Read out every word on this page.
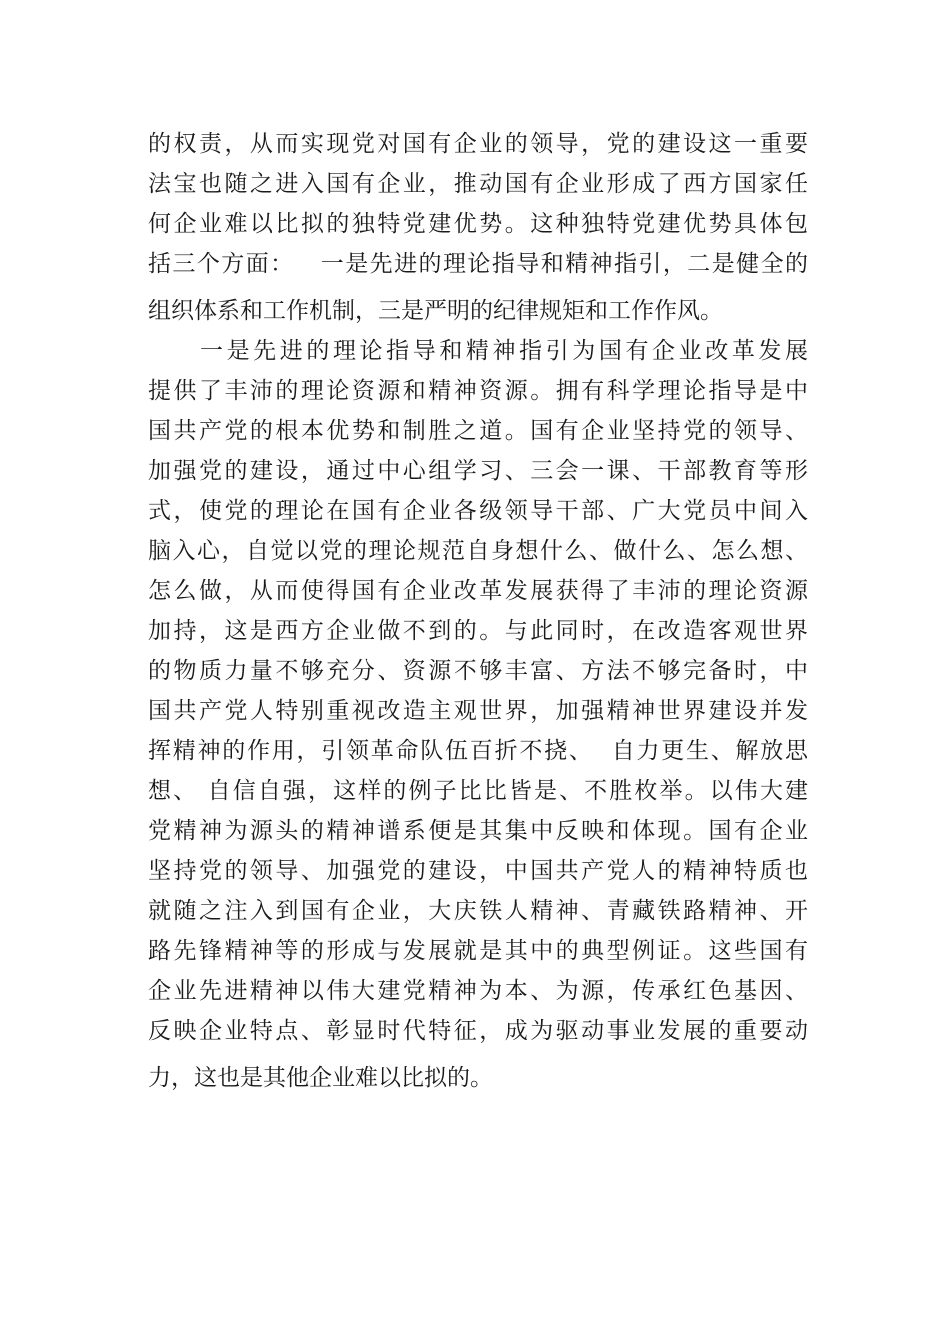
的权责，从而实现党对国有企业的领导，党的建设这一重要
法宝也随之进入国有企业，推动国有企业形成了西方国家任
何企业难以比拟的独特党建优势。这种独特党建优势具体包
括三个方面：   一是先进的理论指导和精神指引，二是健全的
组织体系和工作机制，三是严明的纪律规矩和工作作风。
一是先进的理论指导和精神指引为国有企业改革发展
提供了丰沛的理论资源和精神资源。拥有科学理论指导是中
国共产党的根本优势和制胜之道。国有企业坚持党的领导、
加强党的建设，通过中心组学习、三会一课、干部教育等形
式，使党的理论在国有企业各级领导干部、广大党员中间入
脑入心，自觉以党的理论规范自身想什么、做什么、怎么想、
怎么做，从而使得国有企业改革发展获得了丰沛的理论资源
加持，这是西方企业做不到的。与此同时，在改造客观世界
的物质力量不够充分、资源不够丰富、方法不够完备时，中
国共产党人特别重视改造主观世界，加强精神世界建设并发
挥精神的作用，引领革命队伍百折不挠、  自力更生、解放思
想、 自信自强，这样的例子比比皆是、不胜枚举。以伟大建
党精神为源头的精神谱系便是其集中反映和体现。国有企业
坚持党的领导、加强党的建设，中国共产党人的精神特质也
就随之注入到国有企业，大庆铁人精神、青藏铁路精神、开
路先锋精神等的形成与发展就是其中的典型例证。这些国有
企业先进精神以伟大建党精神为本、为源，传承红色基因、
反映企业特点、彰显时代特征，成为驱动事业发展的重要动
力，这也是其他企业难以比拟的。
